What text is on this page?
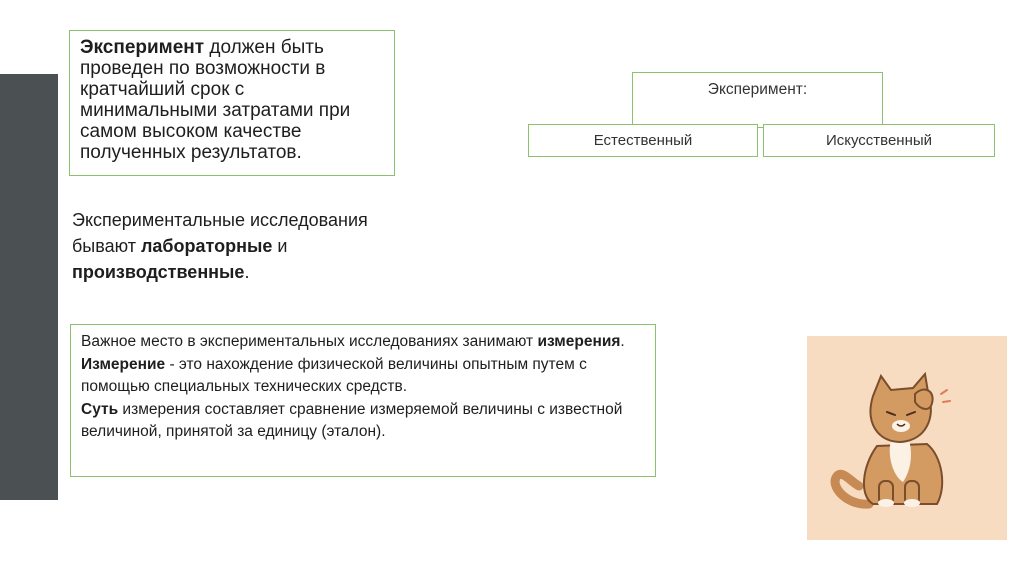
Эксперимент должен быть проведен по возможности в кратчайший срок с минимальными затратами при самом высоком качестве полученных результатов.
Экспериментальные исследования бывают лабораторные и
производственные.
Важное место в экспериментальных исследованиях занимают измерения.
Измерение - это нахождение физической величины опытным путем с помощью специальных технических средств.
Суть измерения составляет сравнение измеряемой величины с известной величиной, принятой за единицу (эталон).
Эксперимент:
Естественный	Искусственный
